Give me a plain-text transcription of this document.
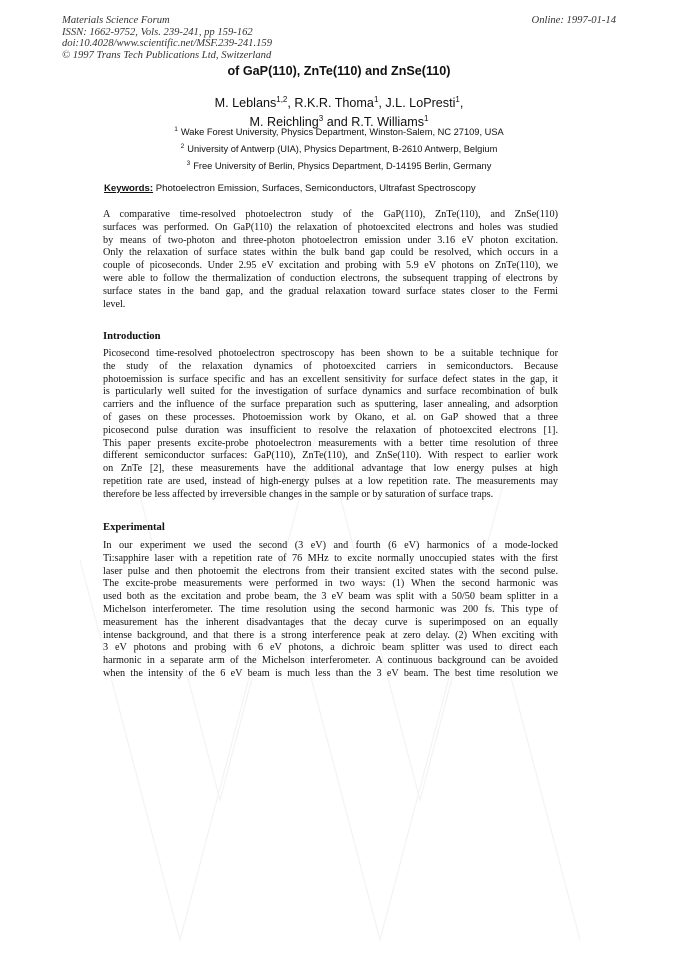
Materials Science Forum
ISSN: 1662-9752, Vols. 239-241, pp 159-162
doi:10.4028/www.scientific.net/MSF.239-241.159
© 1997 Trans Tech Publications Ltd, Switzerland
Online: 1997-01-14
of GaP(110), ZnTe(110) and ZnSe(110)
M. Leblans$^{1,2}$, R.K.R. Thoma$^1$, J.L. LoPresti$^1$,
M. Reichling$^3$ and R.T. Williams$^1$
$^1$ Wake Forest University, Physics Department, Winston-Salem, NC 27109, USA
$^2$ University of Antwerp (UIA), Physics Department, B-2610 Antwerp, Belgium
$^3$ Free University of Berlin, Physics Department, D-14195 Berlin, Germany
Keywords: Photoelectron Emission, Surfaces, Semiconductors, Ultrafast Spectroscopy
A comparative time-resolved photoelectron study of the GaP(110), ZnTe(110), and ZnSe(110)
surfaces was performed. On GaP(110) the relaxation of photoexcited electrons and holes was studied
by means of two-photon and three-photon photoelectron emission under 3.16 eV photon excitation.
Only the relaxation of surface states within the bulk band gap could be resolved, which occurs in a
couple of picoseconds. Under 2.95 eV excitation and probing with 5.9 eV photons on ZnTe(110), we
were able to follow the thermalization of conduction electrons, the subsequent trapping of electrons by
surface states in the band gap, and the gradual relaxation toward surface states closer to the Fermi
level.
Introduction
Picosecond time-resolved photoelectron spectroscopy has been shown to be a suitable technique for
the study of the relaxation dynamics of photoexcited carriers in semiconductors. Because
photoemission is surface specific and has an excellent sensitivity for surface defect states in the gap, it
is particularly well suited for the investigation of surface dynamics and surface recombination of bulk
carriers and the influence of the surface preparation such as sputtering, laser annealing, and adsorption
of gases on these processes. Photoemission work by Okano, et al. on GaP showed that a three
picosecond pulse duration was insufficient to resolve the relaxation of photoexcited electrons [1].
This paper presents excite-probe photoelectron measurements with a better time resolution of three
different semiconductor surfaces: GaP(110), ZnTe(110), and ZnSe(110). With respect to earlier work
on ZnTe [2], these measurements have the additional advantage that low energy pulses at high
repetition rate are used, instead of high-energy pulses at a low repetition rate. The measurements may
therefore be less affected by irreversible changes in the sample or by saturation of surface traps.
Experimental
In our experiment we used the second (3 eV) and fourth (6 eV) harmonics of a mode-locked
Ti:sapphire laser with a repetition rate of 76 MHz to excite normally unoccupied states with the first
laser pulse and then photoemit the electrons from their transient excited states with the second pulse.
The excite-probe measurements were performed in two ways: (1) When the second harmonic was
used both as the excitation and probe beam, the 3 eV beam was split with a 50/50 beam splitter in a
Michelson interferometer. The time resolution using the second harmonic was 200 fs. This type of
measurement has the inherent disadvantages that the decay curve is superimposed on an equally
intense background, and that there is a strong interference peak at zero delay. (2) When exciting with
3 eV photons and probing with 6 eV photons, a dichroic beam splitter was used to direct each
harmonic in a separate arm of the Michelson interferometer. A continuous background can be avoided
when the intensity of the 6 eV beam is much less than the 3 eV beam. The best time resolution we
